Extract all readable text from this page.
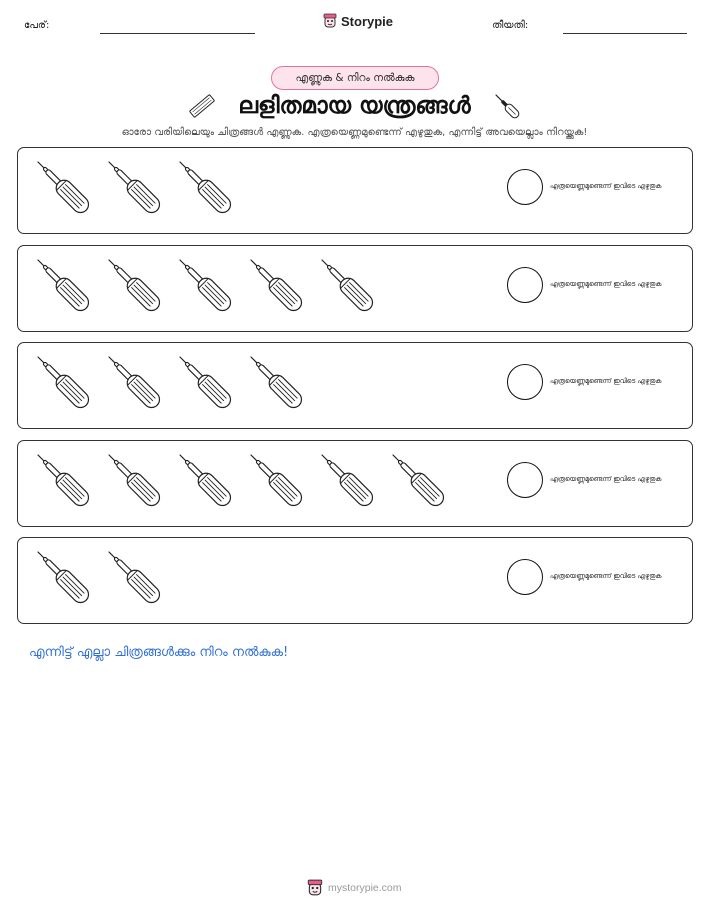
പേര്:	Storypie	തീയതി:
എണ്ണുക & നിറം നൽകുക
ലളിതമായ യന്ത്രങ്ങൾ
ഓരോ വരിയിലെയും ചിത്രങ്ങൾ എണ്ണുക. എത്രയെണ്ണമുണ്ടെന്ന് എഴുതുക, എന്നിട്ട് അവയെല്ലാം നിറയ്ക്കുക!
എത്രയെണ്ണമുണ്ടെന്ന് ഇവിടെ എഴുതുക
എത്രയെണ്ണമുണ്ടെന്ന് ഇവിടെ എഴുതുക
എത്രയെണ്ണമുണ്ടെന്ന് ഇവിടെ എഴുതുക
എത്രയെണ്ണമുണ്ടെന്ന് ഇവിടെ എഴുതുക
എത്രയെണ്ണമുണ്ടെന്ന് ഇവിടെ എഴുതുക
എന്നിട്ട് എല്ലാ ചിത്രങ്ങൾക്കും നിറം നൽകുക!
mystorypie.com
